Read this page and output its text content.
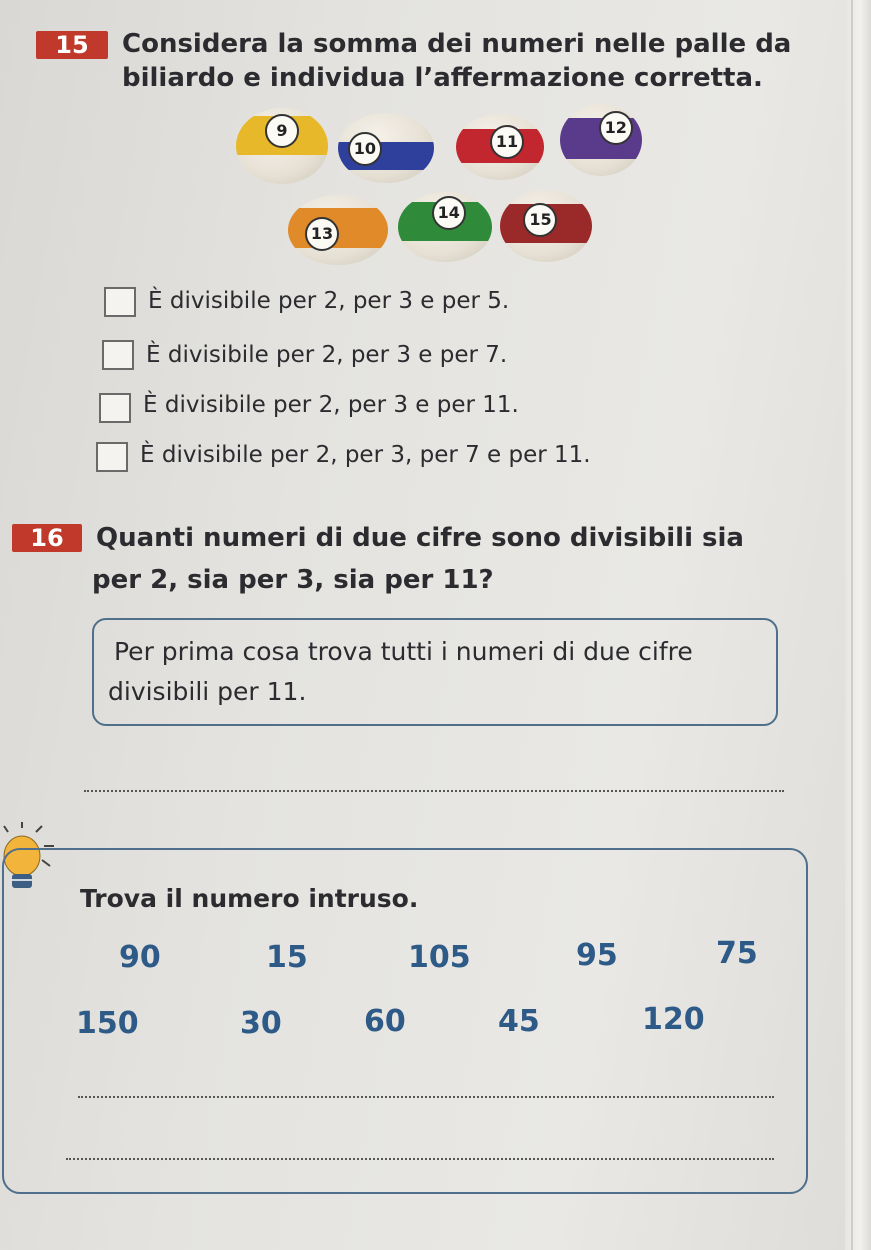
15	Considera la somma dei numeri nelle palle da
biliardo e individua l’affermazione corretta.
9
10	11
12
13
14	15
È divisibile per 2, per 3 e per 5.
È divisibile per 2, per 3 e per 7.
È divisibile per 2, per 3 e per 11.
È divisibile per 2, per 3, per 7 e per 11.
16	Quanti numeri di due cifre sono divisibili sia
per 2, sia per 3, sia per 11?
Per prima cosa trova tutti i numeri di due cifre
divisibili per 11.
Trova il numero intruso.
90	15	105	95	75
150	30	60	45	120
